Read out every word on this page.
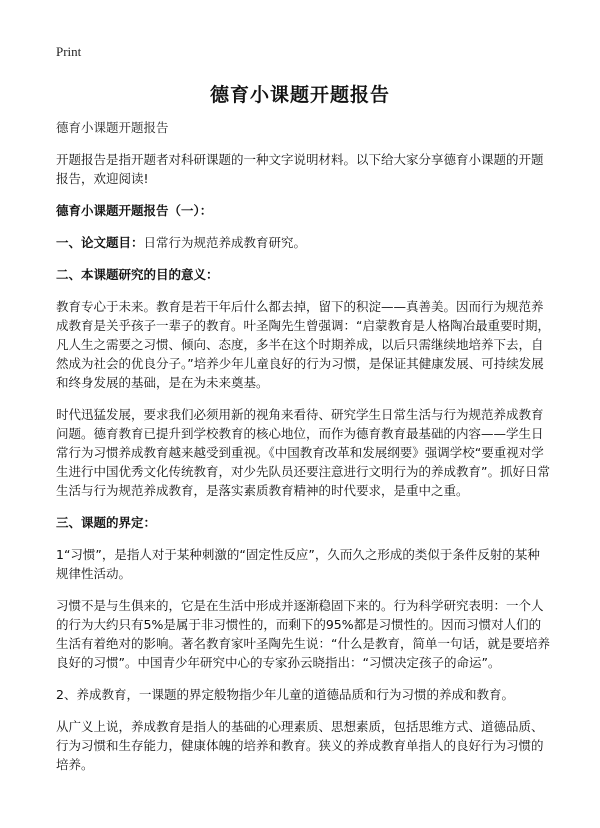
Print
德育小课题开题报告

德育小课题开题报告

开题报告是指开题者对科研课题的一种文字说明材料。以下给大家分享德育小课题的开题报告，欢迎阅读!

德育小课题开题报告（一）：

一、论文题目：日常行为规范养成教育研究。

二、本课题研究的目的意义：

教育专心于未来。教育是若干年后什么都去掉，留下的积淀——真善美。因而行为规范养成教育是关乎孩子一辈子的教育。叶圣陶先生曾强调：“启蒙教育是人格陶冶最重要时期，凡人生之需要之习惯、倾向、态度，多半在这个时期养成，以后只需继续地培养下去，自然成为社会的优良分子。”培养少年儿童良好的行为习惯，是保证其健康发展、可持续发展和终身发展的基础，是在为未来奠基。

时代迅猛发展，要求我们必须用新的视角来看待、研究学生日常生活与行为规范养成教育问题。德育教育已提升到学校教育的核心地位，而作为德育教育最基础的内容——学生日常行为习惯养成教育越来越受到重视。《中国教育改革和发展纲要》强调学校“要重视对学生进行中国优秀文化传统教育，对少先队员还要注意进行文明行为的养成教育”。抓好日常生活与行为规范养成教育，是落实素质教育精神的时代要求，是重中之重。

三、课题的界定：

1“习惯”，是指人对于某种刺激的“固定性反应”，久而久之形成的类似于条件反射的某种规律性活动。

习惯不是与生俱来的，它是在生活中形成并逐渐稳固下来的。行为科学研究表明：一个人的行为大约只有5%是属于非习惯性的，而剩下的95%都是习惯性的。因而习惯对人们的生活有着绝对的影响。著名教育家叶圣陶先生说：“什么是教育，简单一句话，就是要培养良好的习惯”。中国青少年研究中心的专家孙云晓指出：“习惯决定孩子的命运”。

2、养成教育，一课题的界定般物指少年儿童的道德品质和行为习惯的养成和教育。

从广义上说，养成教育是指人的基础的心理素质、思想素质，包括思维方式、道德品质、行为习惯和生存能力，健康体魄的培养和教育。狭义的养成教育单指人的良好行为习惯的培养。
